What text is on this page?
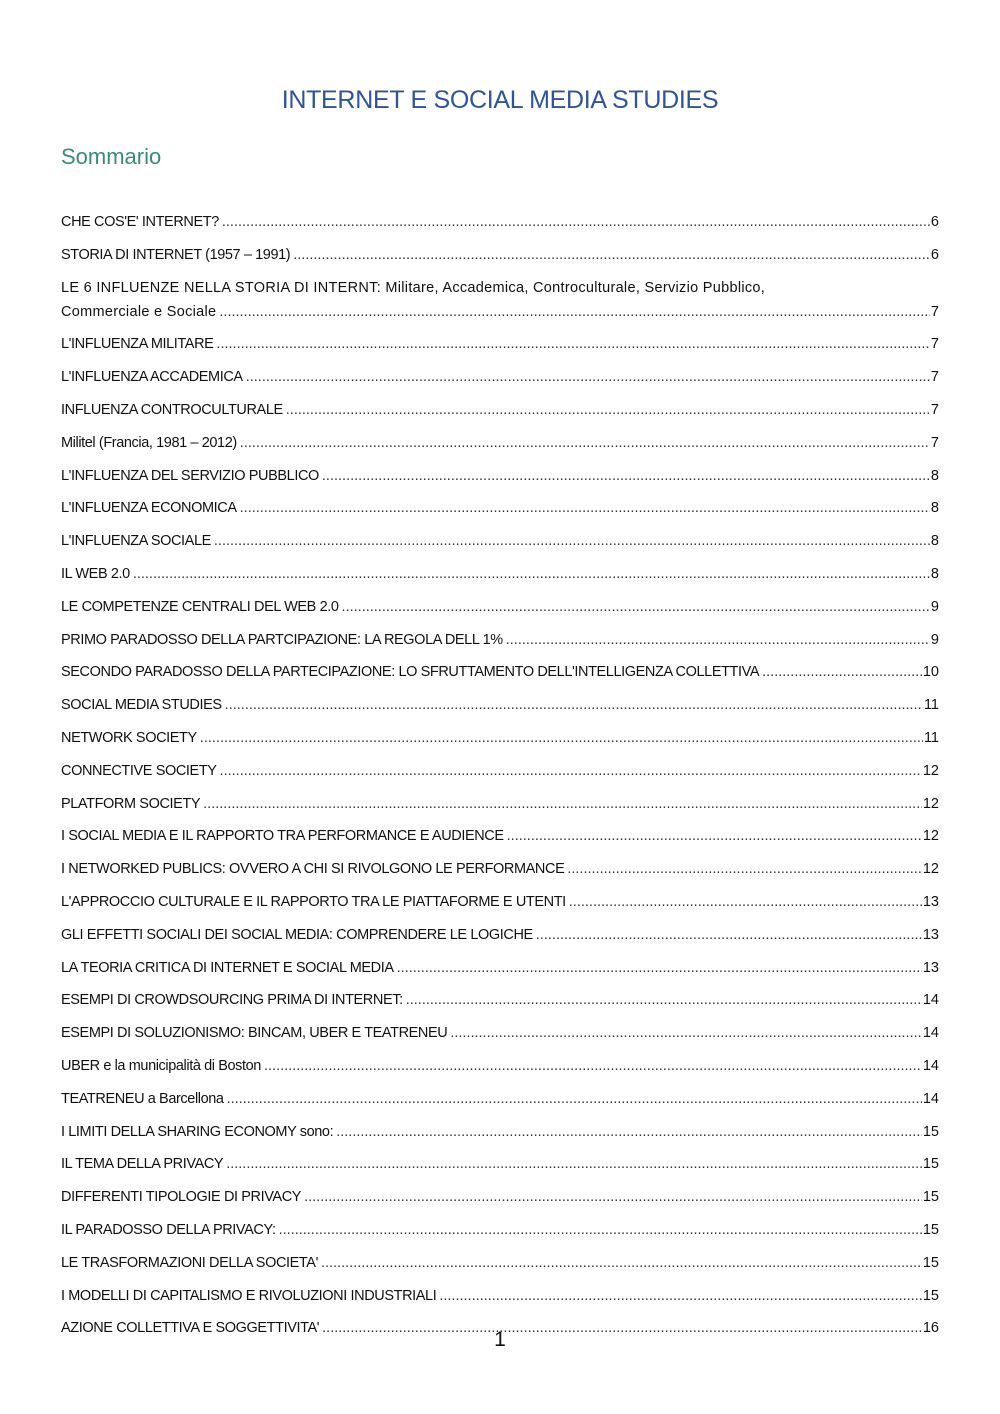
INTERNET E SOCIAL MEDIA STUDIES
Sommario
CHE COS'E' INTERNET? .....	6
STORIA DI INTERNET (1957 – 1991) .....	6
LE 6 INFLUENZE NELLA STORIA DI INTERNT: Militare, Accademica, Controculturale, Servizio Pubblico,
Commerciale e Sociale .....	7
L'INFLUENZA MILITARE .....	7
L'INFLUENZA ACCADEMICA .....	7
INFLUENZA CONTROCULTURALE .....	7
Militel (Francia, 1981 – 2012) .....	7
L'INFLUENZA DEL SERVIZIO PUBBLICO .....	8
L'INFLUENZA ECONOMICA .....	8
L'INFLUENZA SOCIALE .....	8
IL WEB 2.0 .....	8
LE COMPETENZE CENTRALI DEL WEB 2.0 .....	9
PRIMO PARADOSSO DELLA PARTCIPAZIONE: LA REGOLA DELL 1% .....	9
SECONDO PARADOSSO DELLA PARTECIPAZIONE: LO SFRUTTAMENTO DELL'INTELLIGENZA COLLETTIVA .....	10
SOCIAL MEDIA STUDIES .....	11
NETWORK SOCIETY .....	11
CONNECTIVE SOCIETY .....	12
PLATFORM SOCIETY .....	12
I SOCIAL MEDIA E IL RAPPORTO TRA PERFORMANCE E AUDIENCE .....	12
I NETWORKED PUBLICS: OVVERO A CHI SI RIVOLGONO LE PERFORMANCE .....	12
L'APPROCCIO CULTURALE E IL RAPPORTO TRA LE PIATTAFORME E UTENTI .....	13
GLI EFFETTI SOCIALI DEI SOCIAL MEDIA: COMPRENDERE LE LOGICHE .....	13
LA TEORIA CRITICA DI INTERNET E SOCIAL MEDIA .....	13
ESEMPI DI CROWDSOURCING PRIMA DI INTERNET: .....	14
ESEMPI DI SOLUZIONISMO: BINCAM, UBER E TEATRENEU .....	14
UBER e la municipalità di Boston .....	14
TEATRENEU a Barcellona .....	14
I LIMITI DELLA SHARING ECONOMY sono: .....	15
IL TEMA DELLA PRIVACY .....	15
DIFFERENTI TIPOLOGIE DI PRIVACY .....	15
IL PARADOSSO DELLA PRIVACY: .....	15
LE TRASFORMAZIONI DELLA SOCIETA' .....	15
I MODELLI DI CAPITALISMO E RIVOLUZIONI INDUSTRIALI .....	15
AZIONE COLLETTIVA E SOGGETTIVITA' .....	16
1
